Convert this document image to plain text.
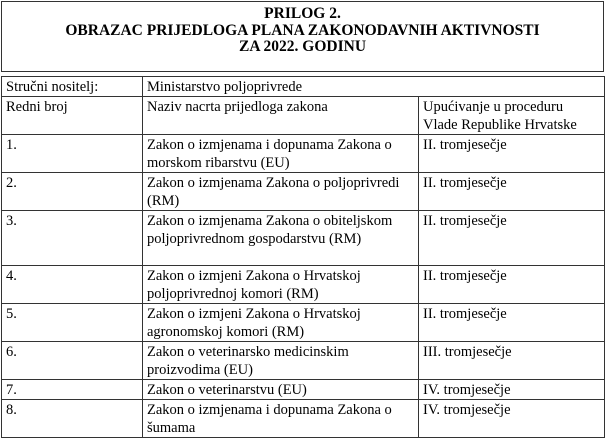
PRILOG 2.
OBRAZAC PRIJEDLOGA PLANA ZAKONODAVNIH AKTIVNOSTI
ZA 2022. GODINU
Stručni nositelj:	Ministarstvo poljoprivrede	
Redni broj	Naziv nacrta prijedloga zakona	Upućivanje u proceduru Vlade Republike Hrvatske
1.	Zakon o izmjenama i dopunama Zakona o morskom ribarstvu (EU)	II. tromjesečje
2.	Zakon o izmjenama Zakona o poljoprivredi (RM)	II. tromjesečje
3.	Zakon o izmjenama Zakona o obiteljskom poljoprivrednom gospodarstvu (RM)	II. tromjesečje
4.	Zakon o izmjeni Zakona o Hrvatskoj poljoprivrednoj komori (RM)	II. tromjesečje
5.	Zakon o izmjeni Zakona o Hrvatskoj agronomskoj komori (RM)	II. tromjesečje
6.	Zakon o veterinarsko medicinskim proizvodima (EU)	III. tromjesečje
7.	Zakon o veterinarstvu (EU)	IV. tromjesečje
8.	Zakon o izmjenama i dopunama Zakona o šumama	IV. tromjesečje
